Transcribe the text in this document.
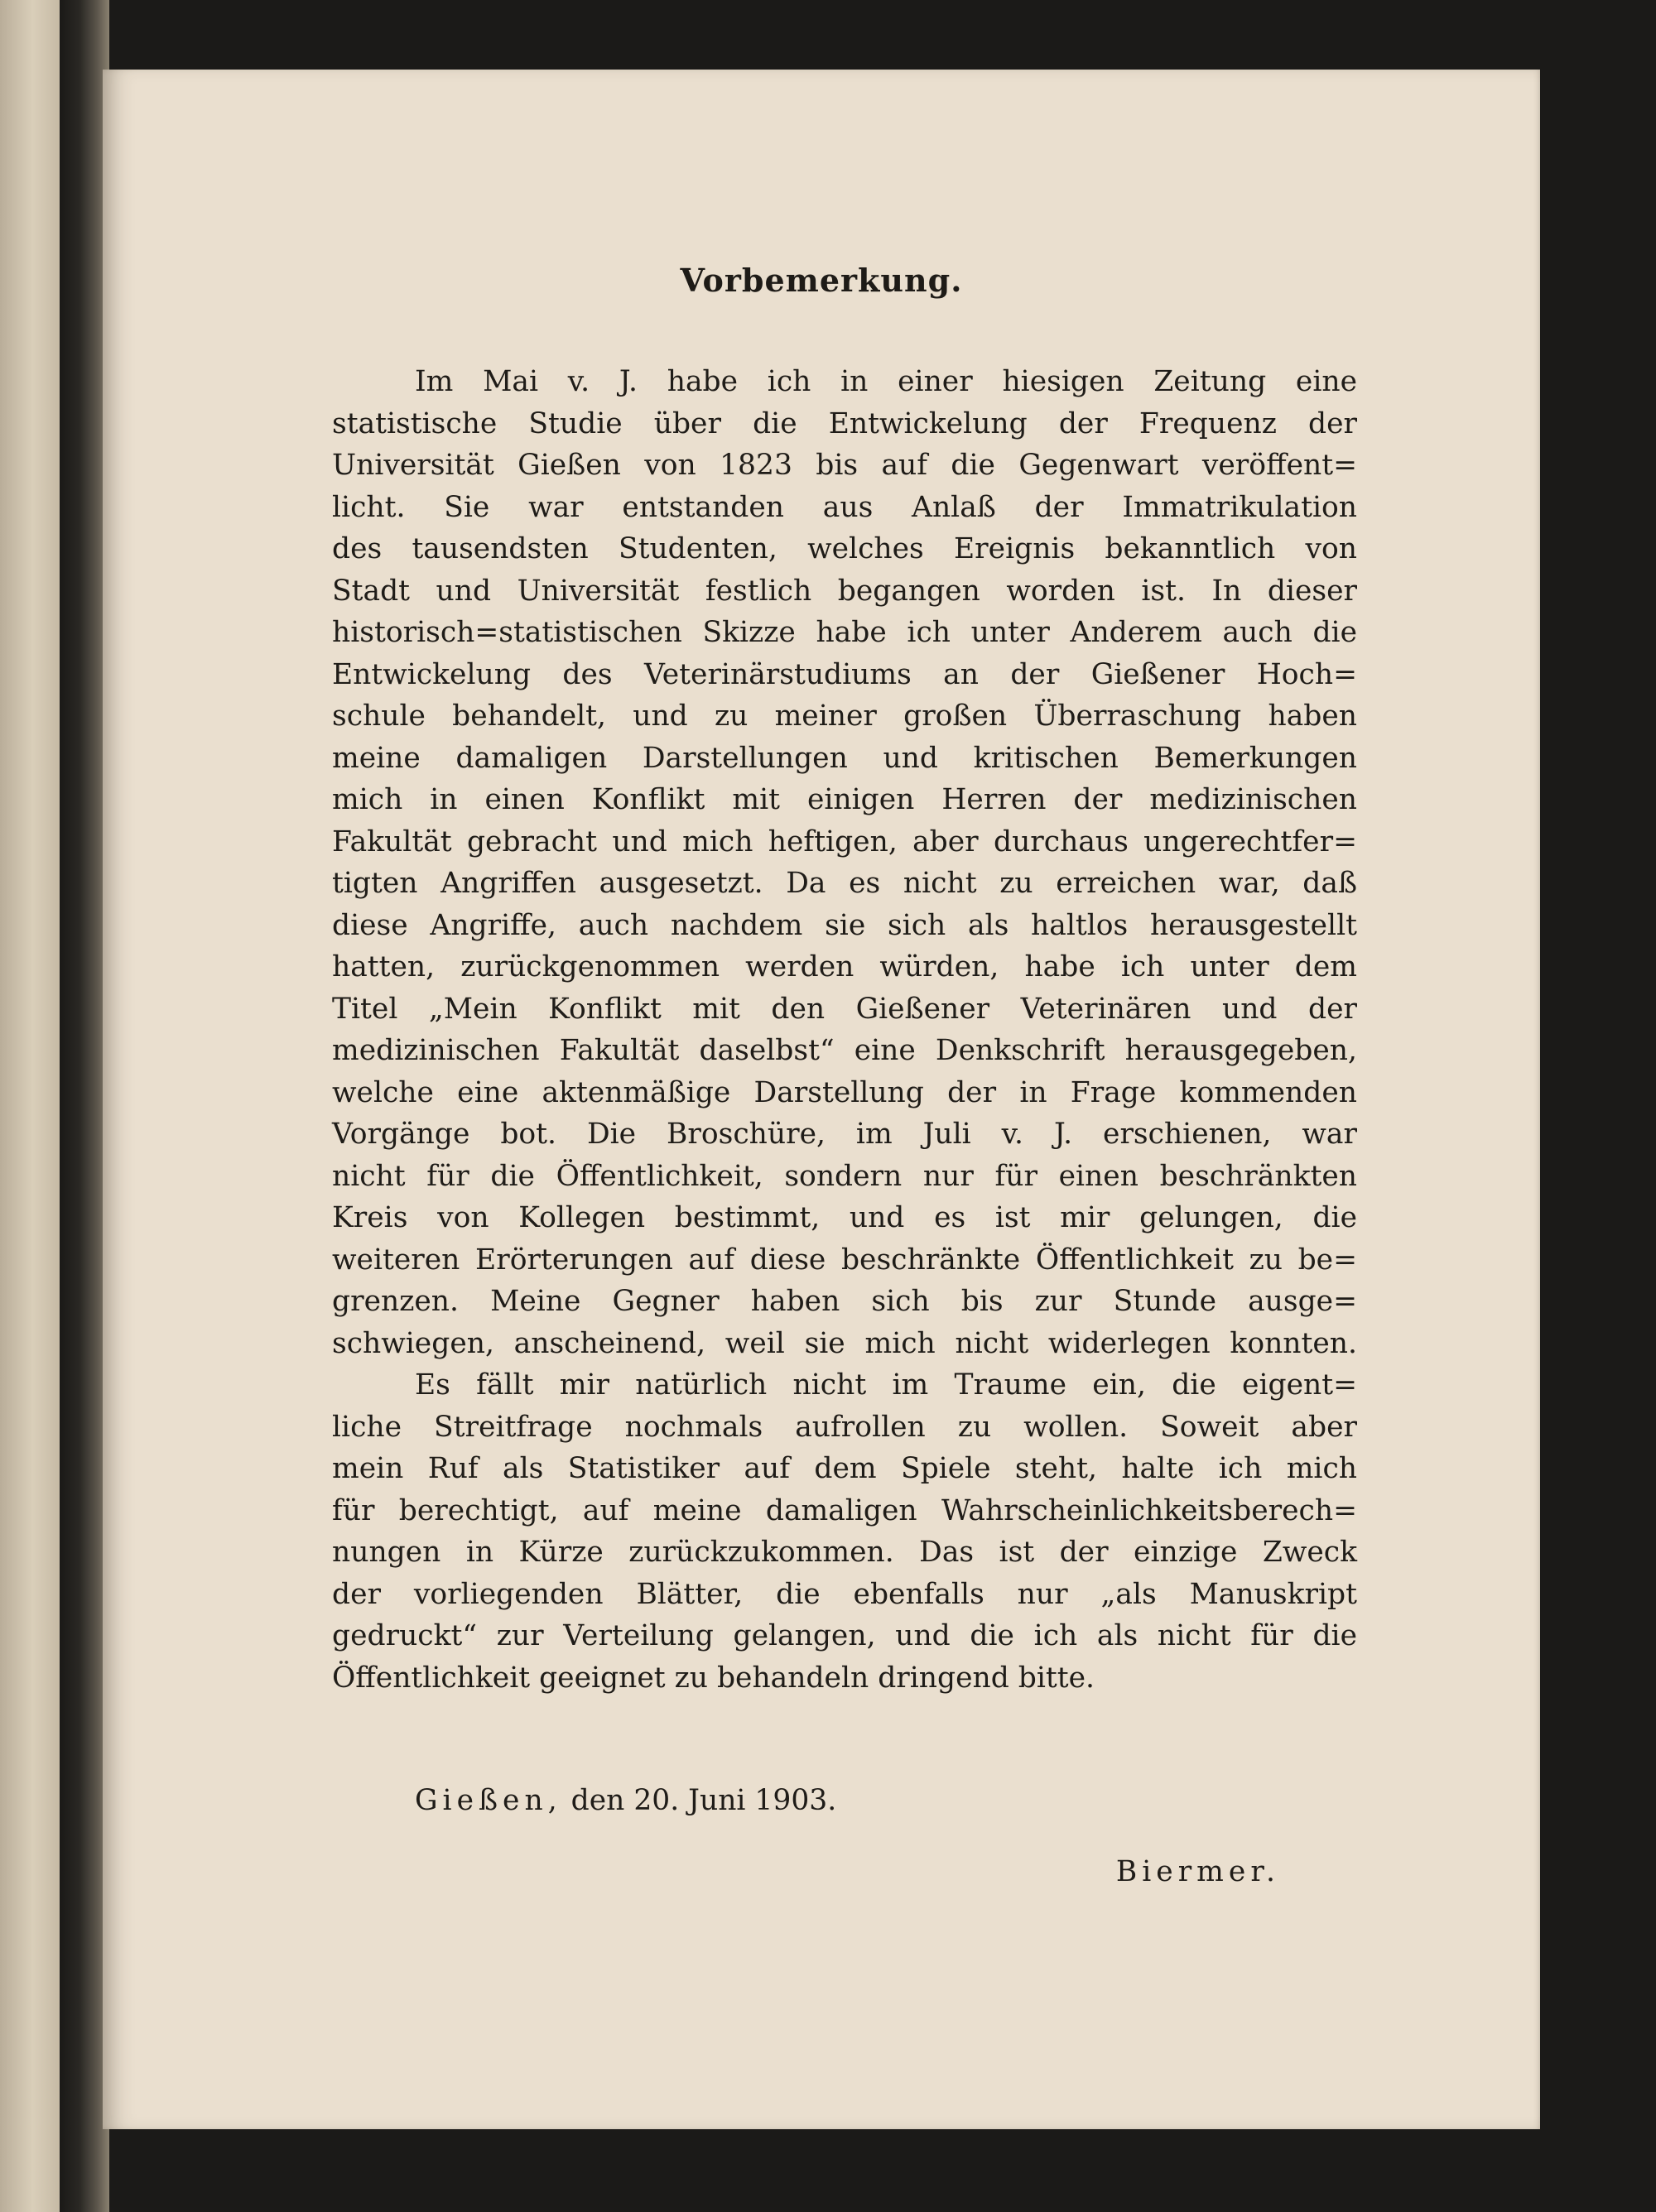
Vorbemerkung.
Im Mai v. J. habe ich in einer hiesigen Zeitung eine
statistische Studie über die Entwickelung der Frequenz der
Universität Gießen von 1823 bis auf die Gegenwart veröffent=
licht. Sie war entstanden aus Anlaß der Immatrikulation
des tausendsten Studenten, welches Ereignis bekanntlich von
Stadt und Universität festlich begangen worden ist. In dieser
historisch=statistischen Skizze habe ich unter Anderem auch die
Entwickelung des Veterinärstudiums an der Gießener Hoch=
schule behandelt, und zu meiner großen Überraschung haben
meine damaligen Darstellungen und kritischen Bemerkungen
mich in einen Konflikt mit einigen Herren der medizinischen
Fakultät gebracht und mich heftigen, aber durchaus ungerechtfer=
tigten Angriffen ausgesetzt. Da es nicht zu erreichen war, daß
diese Angriffe, auch nachdem sie sich als haltlos herausgestellt
hatten, zurückgenommen werden würden, habe ich unter dem
Titel „Mein Konflikt mit den Gießener Veterinären und der
medizinischen Fakultät daselbst“ eine Denkschrift herausgegeben,
welche eine aktenmäßige Darstellung der in Frage kommenden
Vorgänge bot. Die Broschüre, im Juli v. J. erschienen, war
nicht für die Öffentlichkeit, sondern nur für einen beschränkten
Kreis von Kollegen bestimmt, und es ist mir gelungen, die
weiteren Erörterungen auf diese beschränkte Öffentlichkeit zu be=
grenzen. Meine Gegner haben sich bis zur Stunde ausge=
schwiegen, anscheinend, weil sie mich nicht widerlegen konnten.
Es fällt mir natürlich nicht im Traume ein, die eigent=
liche Streitfrage nochmals aufrollen zu wollen. Soweit aber
mein Ruf als Statistiker auf dem Spiele steht, halte ich mich
für berechtigt, auf meine damaligen Wahrscheinlichkeitsberech=
nungen in Kürze zurückzukommen. Das ist der einzige Zweck
der vorliegenden Blätter, die ebenfalls nur „als Manuskript
gedruckt“ zur Verteilung gelangen, und die ich als nicht für die
Öffentlichkeit geeignet zu behandeln dringend bitte.
Gießen, den 20. Juni 1903.
Biermer.
